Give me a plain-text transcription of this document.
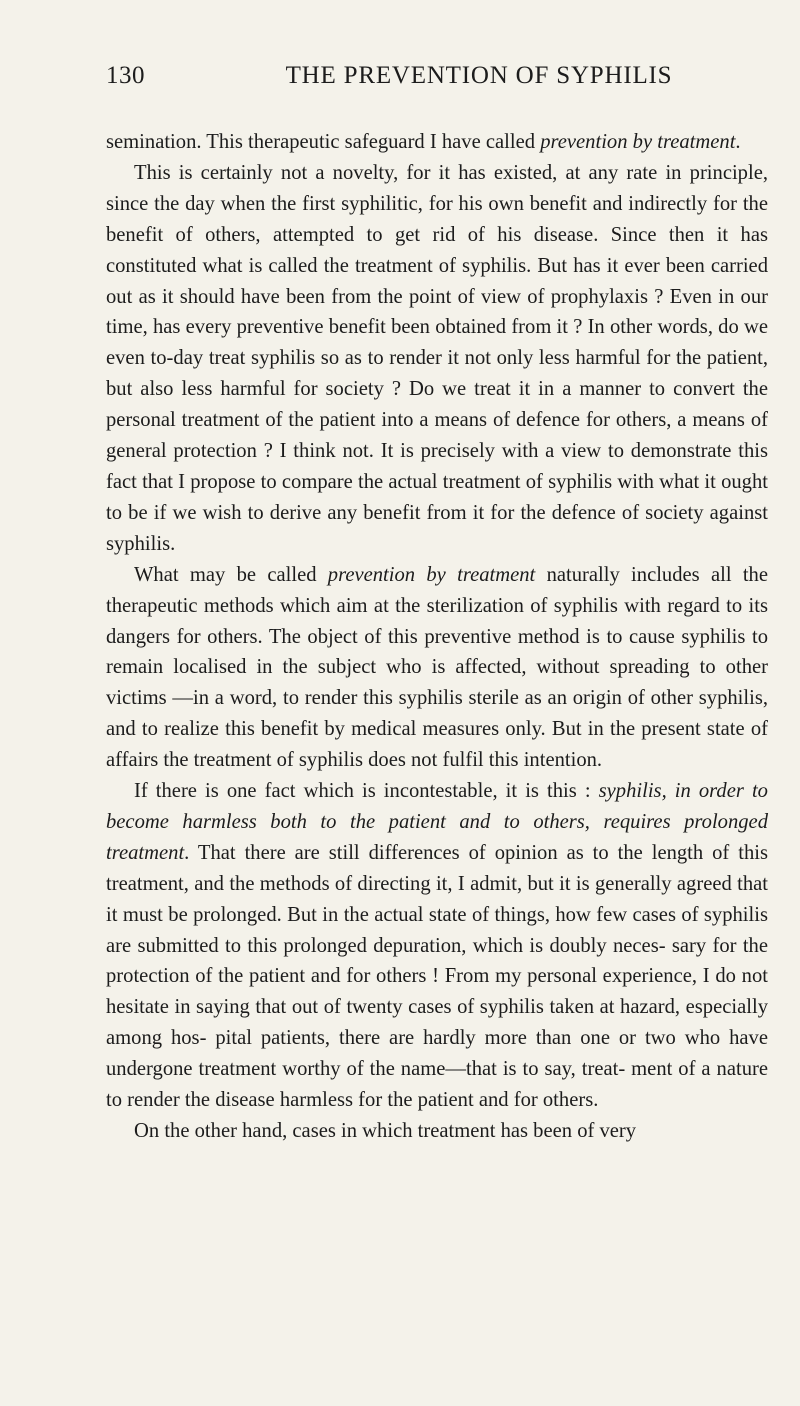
130	THE PREVENTION OF SYPHILIS

semination. This therapeutic safeguard I have called prevention by treatment.

This is certainly not a novelty, for it has existed, at any rate in principle, since the day when the first syphilitic, for his own benefit and indirectly for the benefit of others, attempted to get rid of his disease. Since then it has constituted what is called the treatment of syphilis. But has it ever been carried out as it should have been from the point of view of prophylaxis ? Even in our time, has every preventive benefit been obtained from it ? In other words, do we even to-day treat syphilis so as to render it not only less harmful for the patient, but also less harmful for society ? Do we treat it in a manner to convert the personal treatment of the patient into a means of defence for others, a means of general protection ? I think not. It is precisely with a view to demonstrate this fact that I propose to compare the actual treatment of syphilis with what it ought to be if we wish to derive any benefit from it for the defence of society against syphilis.

What may be called prevention by treatment naturally includes all the therapeutic methods which aim at the sterilization of syphilis with regard to its dangers for others. The object of this preventive method is to cause syphilis to remain localised in the subject who is affected, without spreading to other victims —in a word, to render this syphilis sterile as an origin of other syphilis, and to realize this benefit by medical measures only. But in the present state of affairs the treatment of syphilis does not fulfil this intention.

If there is one fact which is incontestable, it is this : syphilis, in order to become harmless both to the patient and to others, requires prolonged treatment. That there are still differences of opinion as to the length of this treatment, and the methods of directing it, I admit, but it is generally agreed that it must be prolonged. But in the actual state of things, how few cases of syphilis are submitted to this prolonged depuration, which is doubly neces- sary for the protection of the patient and for others ! From my personal experience, I do not hesitate in saying that out of twenty cases of syphilis taken at hazard, especially among hos- pital patients, there are hardly more than one or two who have undergone treatment worthy of the name—that is to say, treat- ment of a nature to render the disease harmless for the patient and for others.

On the other hand, cases in which treatment has been of very
